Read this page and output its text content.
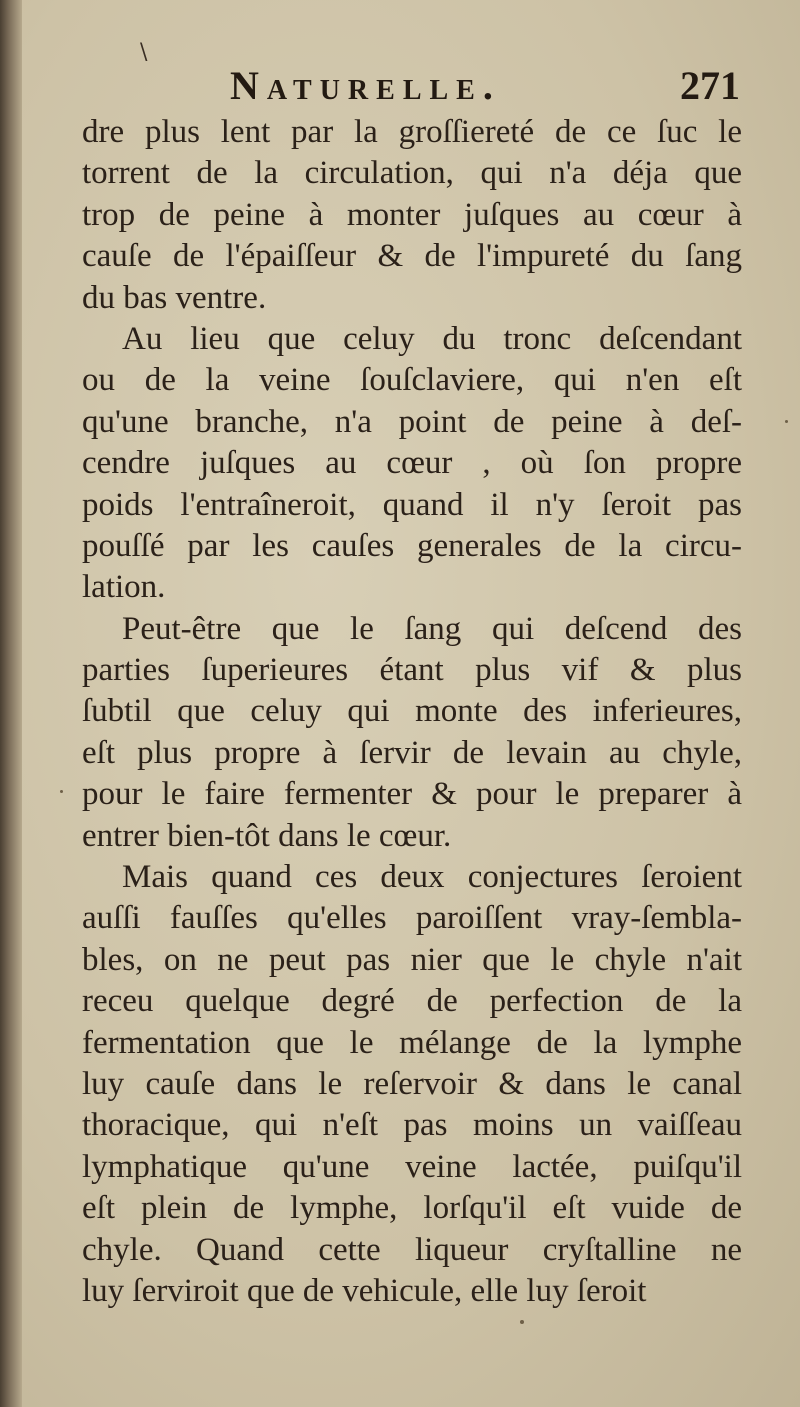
\
Naturelle.	271
dre plus lent par la groſſiereté de ce ſuc le
torrent de la circulation, qui n'a déja que
trop de peine à monter juſques au cœur à
cauſe de l'épaiſſeur & de l'impureté du ſang
du bas ventre.
Au lieu que celuy du tronc deſcendant
ou de la veine ſouſclaviere, qui n'en eſt
qu'une branche, n'a point de peine à deſ-
cendre juſques au cœur , où ſon propre
poids l'entraîneroit, quand il n'y ſeroit pas
pouſſé par les cauſes generales de la circu-
lation.
Peut-être que le ſang qui deſcend des
parties ſuperieures étant plus vif & plus
ſubtil que celuy qui monte des inferieures,
eſt plus propre à ſervir de levain au chyle,
pour le faire fermenter & pour le preparer à
entrer bien-tôt dans le cœur.
Mais quand ces deux conjectures ſeroient
auſſi fauſſes qu'elles paroiſſent vray-ſembla-
bles, on ne peut pas nier que le chyle n'ait
receu quelque degré de perfection de la
fermentation que le mélange de la lymphe
luy cauſe dans le reſervoir & dans le canal
thoracique, qui n'eſt pas moins un vaiſſeau
lymphatique qu'une veine lactée, puiſqu'il
eſt plein de lymphe, lorſqu'il eſt vuide de
chyle. Quand cette liqueur cryſtalline ne
luy ſerviroit que de vehicule, elle luy ſeroit
